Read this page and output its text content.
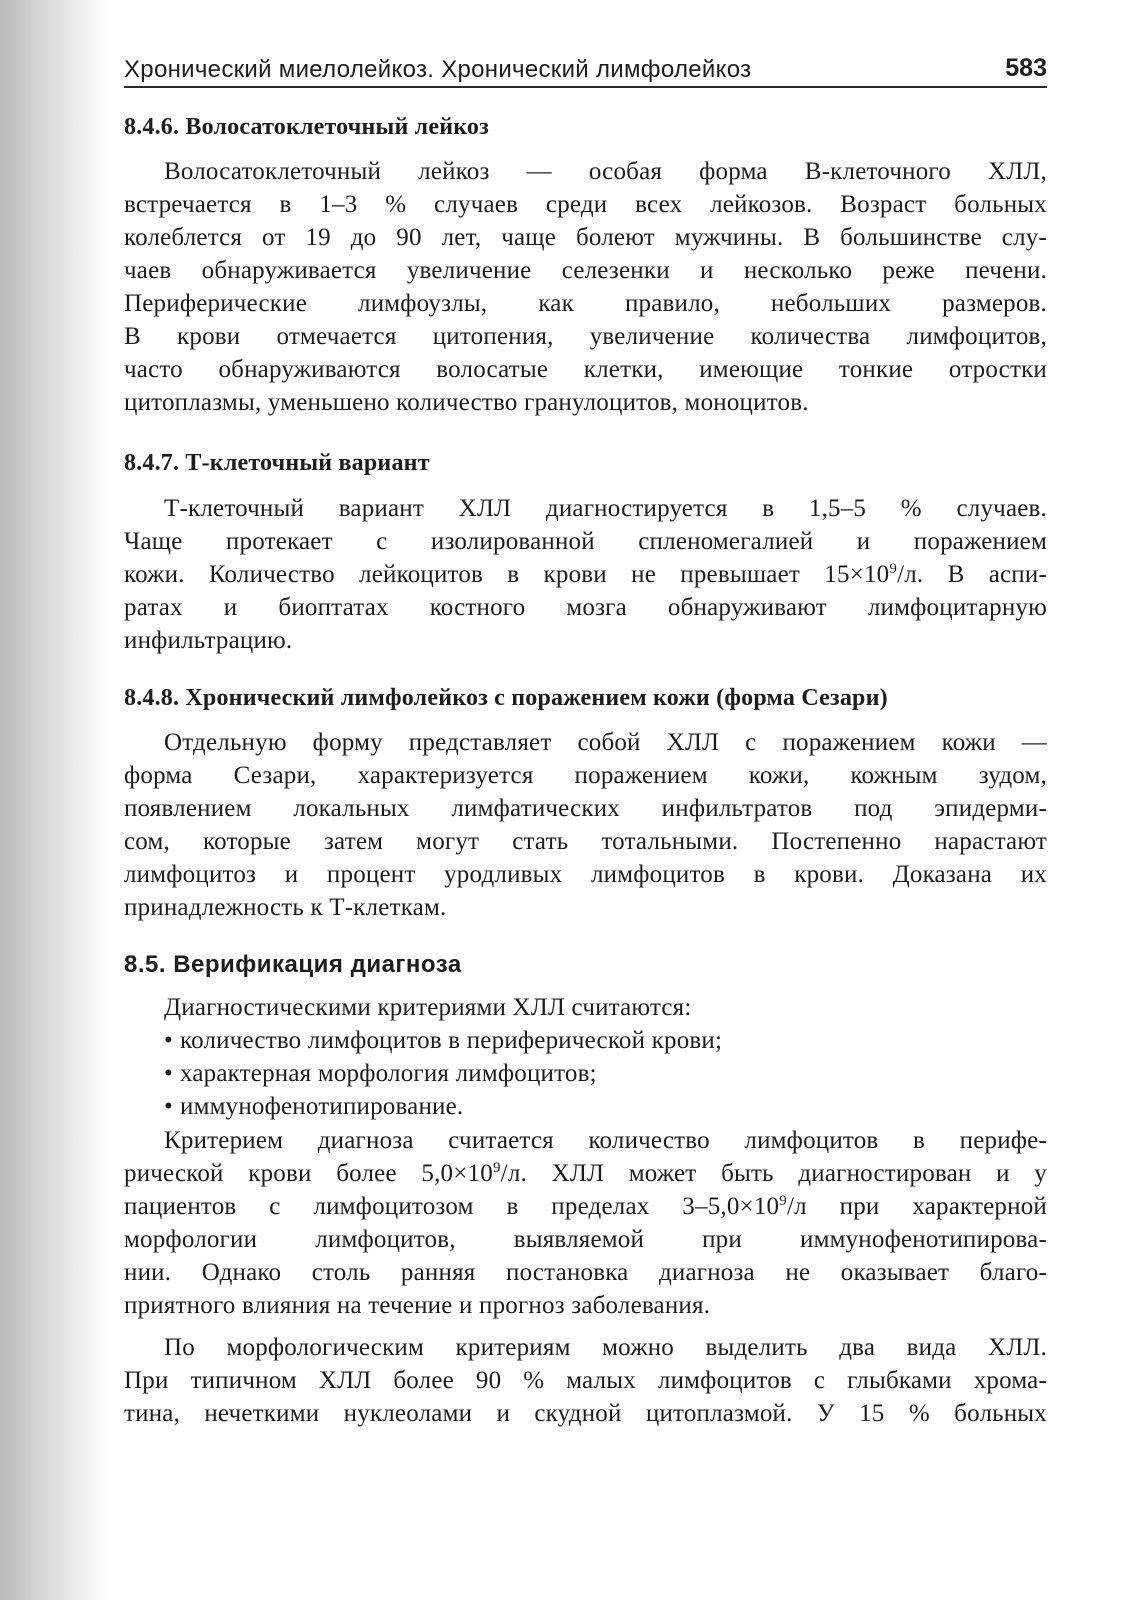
Хронический миелолейкоз. Хронический лимфолейкоз	583
8.4.6. Волосатоклеточный лейкоз
Волосатоклеточный лейкоз — особая форма В-клеточного ХЛЛ,
встречается в 1–3 % случаев среди всех лейкозов. Возраст больных
колеблется от 19 до 90 лет, чаще болеют мужчины. В большинстве слу-
чаев обнаруживается увеличение селезенки и несколько реже печени.
Периферические лимфоузлы, как правило, небольших размеров.
В крови отмечается цитопения, увеличение количества лимфоцитов,
часто обнаруживаются волосатые клетки, имеющие тонкие отростки
цитоплазмы, уменьшено количество гранулоцитов, моноцитов.
8.4.7. Т-клеточный вариант
Т-клеточный вариант ХЛЛ диагностируется в 1,5–5 % случаев.
Чаще протекает с изолированной спленомегалией и поражением
кожи. Количество лейкоцитов в крови не превышает $15\times 10^9/л$. В аспи-
ратах и биоптатах костного мозга обнаруживают лимфоцитарную
инфильтрацию.
8.4.8. Хронический лимфолейкоз с поражением кожи (форма Сезари)
Отдельную форму представляет собой ХЛЛ с поражением кожи —
форма Сезари, характеризуется поражением кожи, кожным зудом,
появлением локальных лимфатических инфильтратов под эпидерми-
сом, которые затем могут стать тотальными. Постепенно нарастают
лимфоцитоз и процент уродливых лимфоцитов в крови. Доказана их
принадлежность к Т-клеткам.
8.5. Верификация диагноза
Диагностическими критериями ХЛЛ считаются:
• количество лимфоцитов в периферической крови;
• характерная морфология лимфоцитов;
• иммунофенотипирование.
Критерием диагноза считается количество лимфоцитов в перифе-
рической крови более $5,0\times 10^9/л$. ХЛЛ может быть диагностирован и у
пациентов с лимфоцитозом в пределах $3-5,0\times 10^9/л$ при характерной
морфологии лимфоцитов, выявляемой при иммунофенотипирова-
нии. Однако столь ранняя постановка диагноза не оказывает благо-
приятного влияния на течение и прогноз заболевания.
По морфологическим критериям можно выделить два вида ХЛЛ.
При типичном ХЛЛ более 90 % малых лимфоцитов с глыбками хрома-
тина, нечеткими нуклеолами и скудной цитоплазмой. У 15 % больных
